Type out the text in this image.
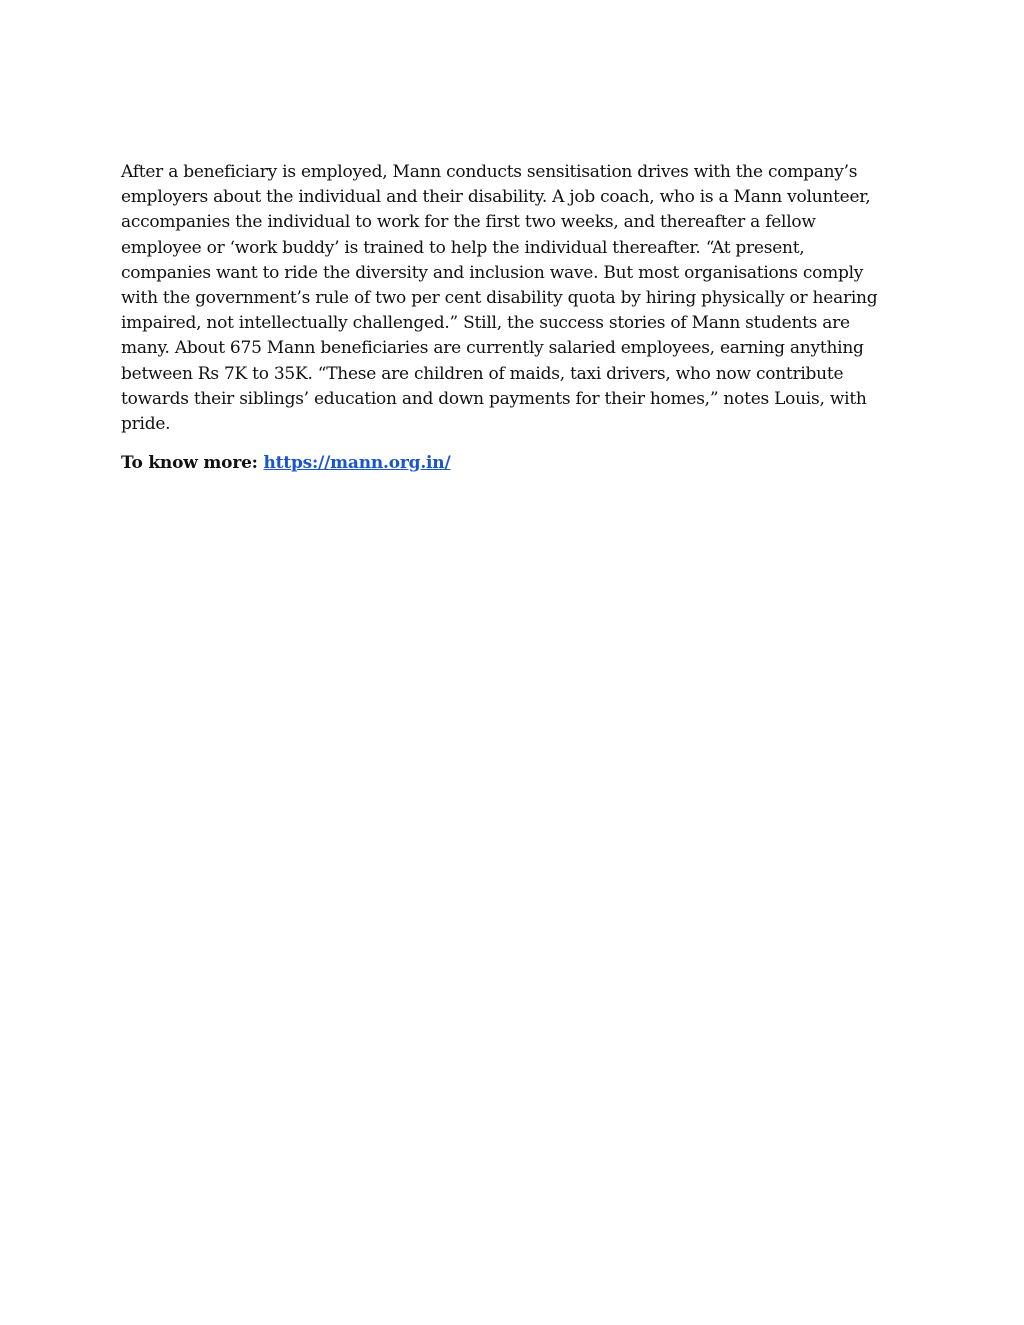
After a beneficiary is employed, Mann conducts sensitisation drives with the company’s employers about the individual and their disability. A job coach, who is a Mann volunteer, accompanies the individual to work for the first two weeks, and thereafter a fellow employee or ‘work buddy’ is trained to help the individual thereafter. “At present, companies want to ride the diversity and inclusion wave. But most organisations comply with the government’s rule of two per cent disability quota by hiring physically or hearing impaired, not intellectually challenged.” Still, the success stories of Mann students are many. About 675 Mann beneficiaries are currently salaried employees, earning anything between Rs 7K to 35K. “These are children of maids, taxi drivers, who now contribute towards their siblings’ education and down payments for their homes,” notes Louis, with pride.

To know more: https://mann.org.in/
